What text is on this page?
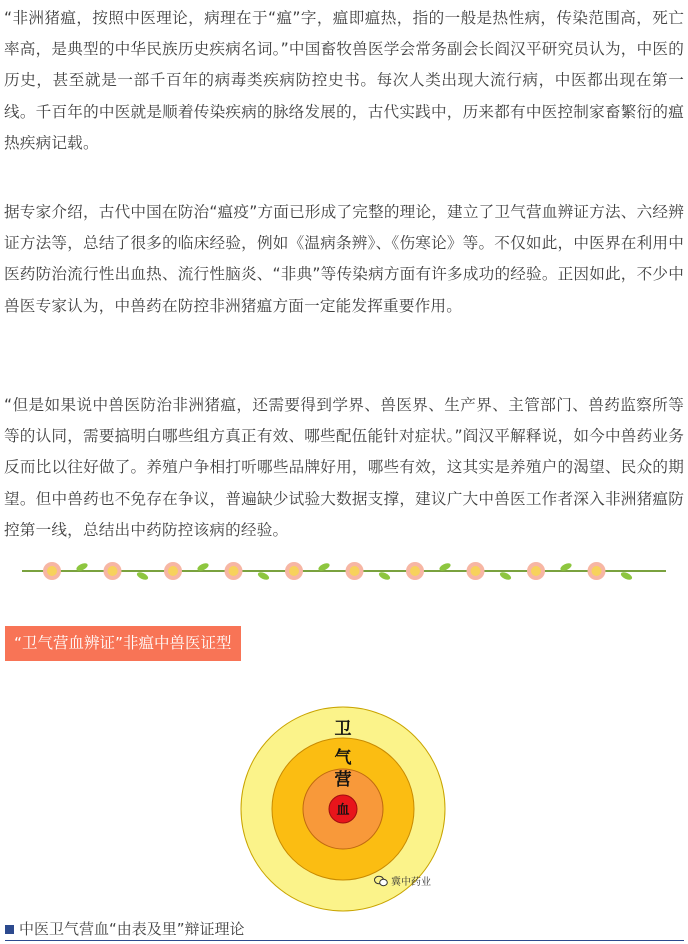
“非洲猪瘟，按照中医理论，病理在于“瘟”字，瘟即瘟热，指的一般是热性病，传染范围高，死亡率高，是典型的中华民族历史疾病名词。”中国畜牧兽医学会常务副会长阎汉平研究员认为，中医的历史，甚至就是一部千百年的病毒类疾病防控史书。每次人类出现大流行病，中医都出现在第一线。千百年的中医就是顺着传染疾病的脉络发展的，古代实践中，历来都有中医控制家畜繁衍的瘟热疾病记载。

据专家介绍，古代中国在防治“瘟疫”方面已形成了完整的理论，建立了卫气营血辨证方法、六经辨证方法等，总结了很多的临床经验，例如《温病条辨》、《伤寒论》等。不仅如此，中医界在利用中医药防治流行性出血热、流行性脑炎、“非典”等传染病方面有许多成功的经验。正因如此，不少中兽医专家认为，中兽药在防控非洲猪瘟方面一定能发挥重要作用。

“但是如果说中兽医防治非洲猪瘟，还需要得到学界、兽医界、生产界、主管部门、兽药监察所等等的认同，需要搞明白哪些组方真正有效、哪些配伍能针对症状。”阎汉平解释说，如今中兽药业务反而比以往好做了。养殖户争相打听哪些品牌好用，哪些有效，这其实是养殖户的渴望、民众的期望。但中兽药也不免存在争议，普遍缺少试验大数据支撑，建议广大中兽医工作者深入非洲猪瘟防控第一线，总结出中药防控该病的经验。

“卫气营血辨证”非瘟中兽医证型
卫
气
营
血
冀中药业
中医卫气营血“由表及里”辩证理论
